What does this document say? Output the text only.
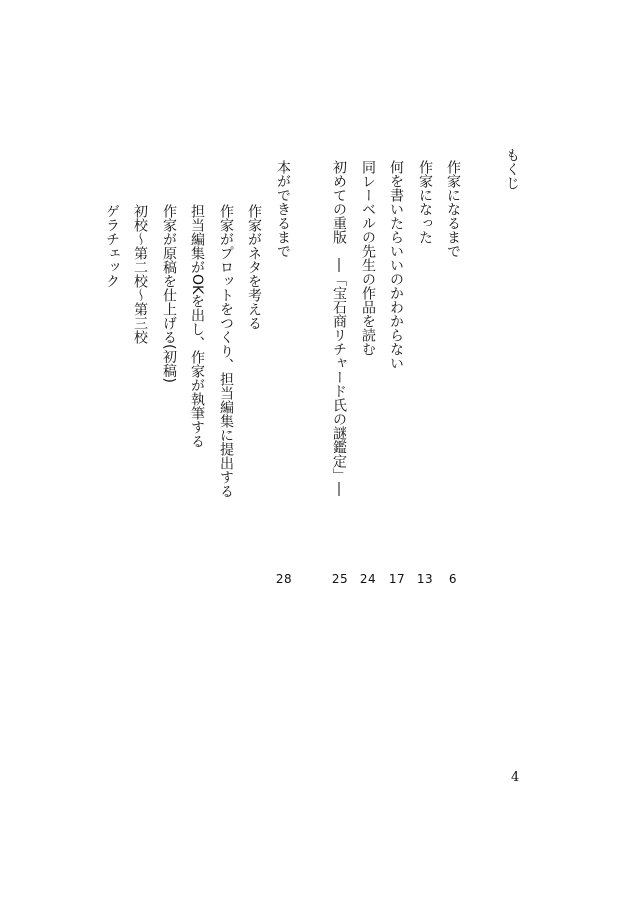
もくじ
作家になるまで
作家になった
何を書いたらいいのかわからない
同レーベルの先生の作品を読む
初めての重版　―「宝石商リチャード氏の謎鑑定」―
本ができるまで
作家がネタを考える
作家がプロットをつくり、担当編集に提出する
担当編集がOKを出し、作家が執筆する
作家が原稿を仕上げる(初稿)
初校～第二校～第三校
ゲラチェック
6
13
17
24
25
28
4
